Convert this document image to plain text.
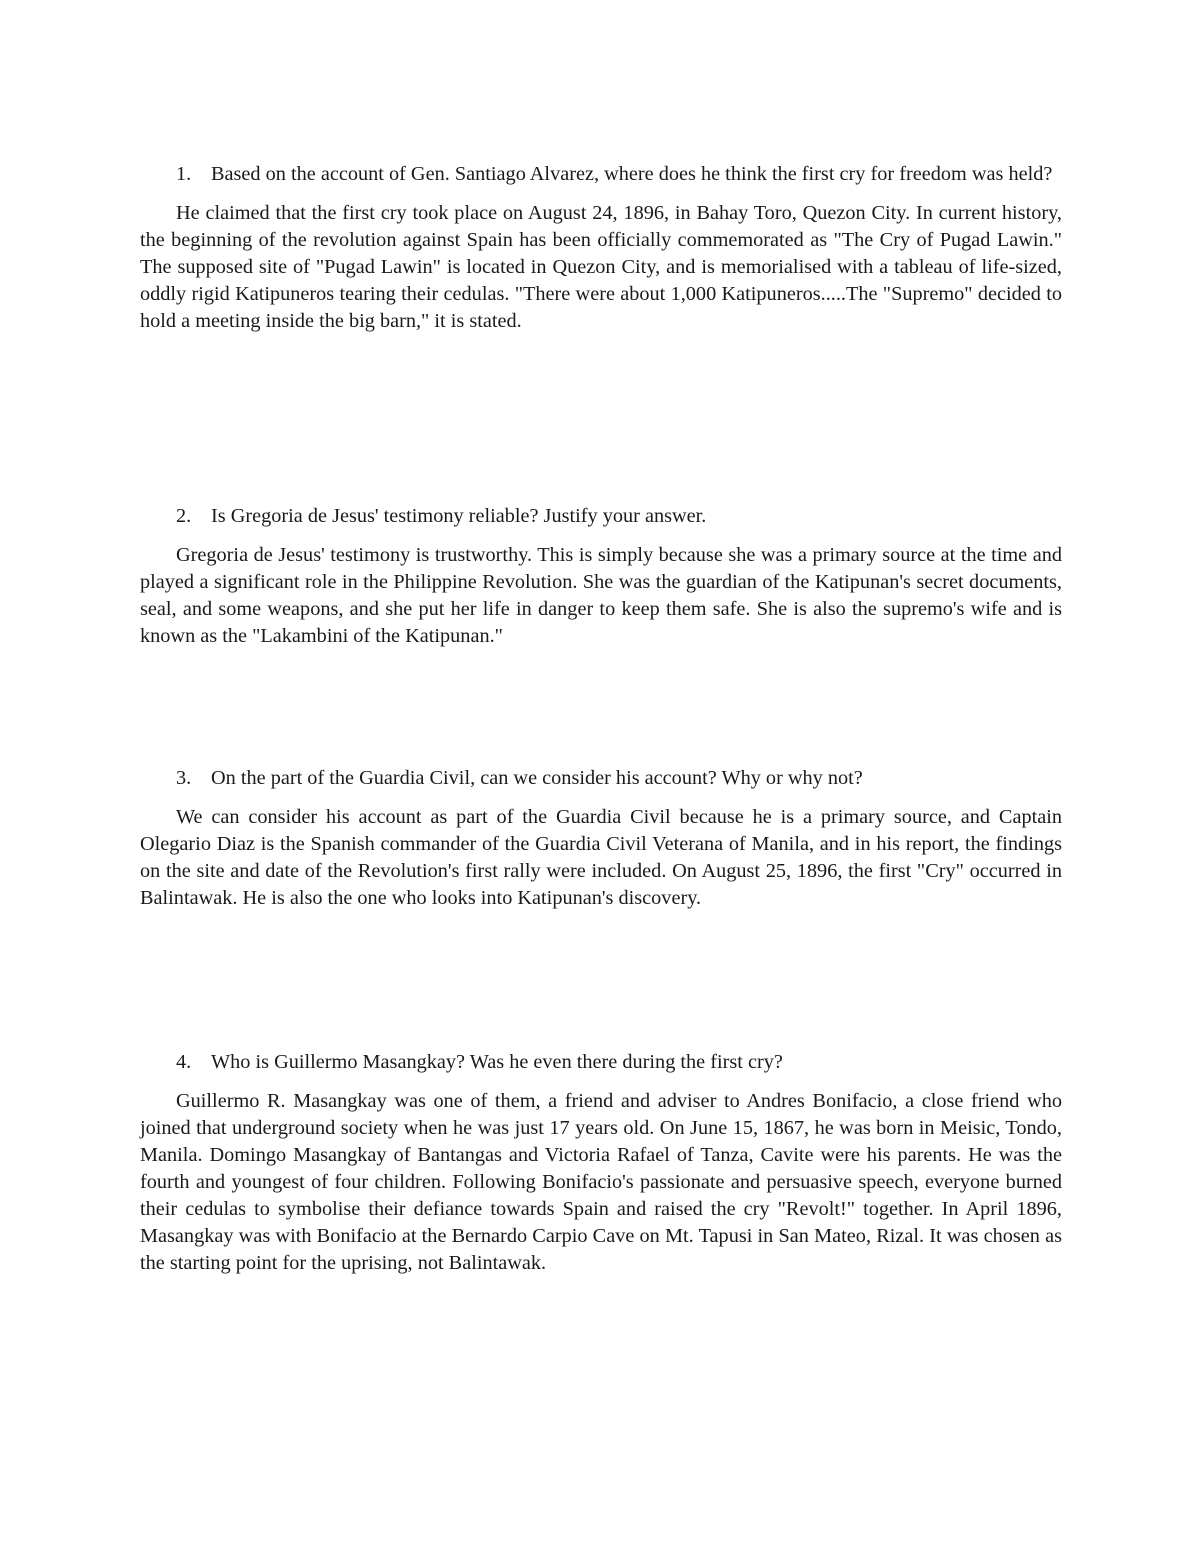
1. Based on the account of Gen. Santiago Alvarez, where does he think the first cry for freedom was held?

He claimed that the first cry took place on August 24, 1896, in Bahay Toro, Quezon City. In current history, the beginning of the revolution against Spain has been officially commemorated as "The Cry of Pugad Lawin." The supposed site of "Pugad Lawin" is located in Quezon City, and is memorialised with a tableau of life-sized, oddly rigid Katipuneros tearing their cedulas. "There were about 1,000 Katipuneros.....The "Supremo" decided to hold a meeting inside the big barn," it is stated.

2. Is Gregoria de Jesus' testimony reliable? Justify your answer.

Gregoria de Jesus' testimony is trustworthy. This is simply because she was a primary source at the time and played a significant role in the Philippine Revolution. She was the guardian of the Katipunan's secret documents, seal, and some weapons, and she put her life in danger to keep them safe. She is also the supremo's wife and is known as the "Lakambini of the Katipunan."

3. On the part of the Guardia Civil, can we consider his account? Why or why not?

We can consider his account as part of the Guardia Civil because he is a primary source, and Captain Olegario Diaz is the Spanish commander of the Guardia Civil Veterana of Manila, and in his report, the findings on the site and date of the Revolution's first rally were included. On August 25, 1896, the first "Cry" occurred in Balintawak. He is also the one who looks into Katipunan's discovery.

4. Who is Guillermo Masangkay? Was he even there during the first cry?

Guillermo R. Masangkay was one of them, a friend and adviser to Andres Bonifacio, a close friend who joined that underground society when he was just 17 years old. On June 15, 1867, he was born in Meisic, Tondo, Manila. Domingo Masangkay of Bantangas and Victoria Rafael of Tanza, Cavite were his parents. He was the fourth and youngest of four children. Following Bonifacio's passionate and persuasive speech, everyone burned their cedulas to symbolise their defiance towards Spain and raised the cry "Revolt!" together. In April 1896, Masangkay was with Bonifacio at the Bernardo Carpio Cave on Mt. Tapusi in San Mateo, Rizal. It was chosen as the starting point for the uprising, not Balintawak.
